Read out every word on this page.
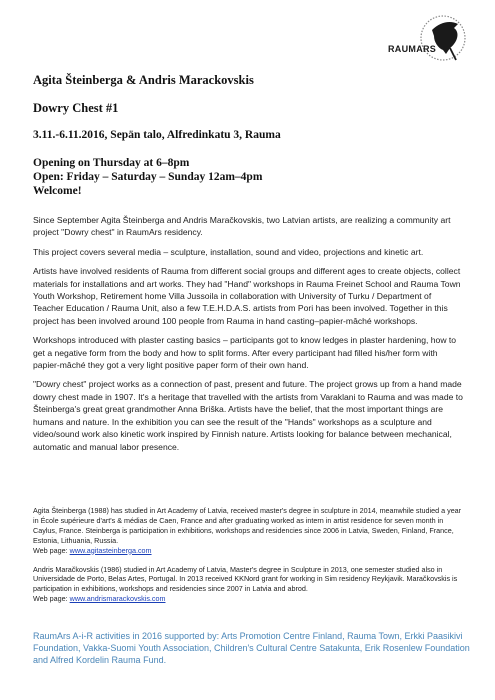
RAUMARS
Agita Šteinberga & Andris Marackovskis
Dowry Chest #1
3.11.-6.11.2016, Sepän talo, Alfredinkatu 3, Rauma
Opening on Thursday at 6–8pm
Open: Friday – Saturday – Sunday 12am–4pm
Welcome!

Since September Agita Šteinberga and Andris Maračkovskis, two Latvian artists, are realizing a community art project "Dowry chest" in RaumArs residency.

This project covers several media – sculpture, installation, sound and video, projections and kinetic art.

Artists have involved residents of Rauma from different social groups and different ages to create objects, collect materials for installations and art works. They had "Hand" workshops in Rauma Freinet School and Rauma Town Youth Workshop, Retirement home Villa Jussoila in collaboration with University of Turku / Department of Teacher Education / Rauma Unit, also a few T.E.H.D.A.S. artists from Pori has been involved. Together in this project has been involved around 100 people from Rauma in hand casting–papier-mâché workshops.

Workshops introduced with plaster casting basics – participants got to know ledges in plaster hardening, how to get a negative form from the body and how to split forms. After every participant had filled his/her form with papier-mâché they got a very light positive paper form of their own hand.

"Dowry chest" project works as a connection of past, present and future. The project grows up from a hand made dowry chest made in 1907. It's a heritage that travelled with the artists from Varaklani to Rauma and was made to Šteinberga's great great grandmother Anna Briška. Artists have the belief, that the most important things are humans and nature. In the exhibition you can see the result of the "Hands" workshops as a sculpture and video/sound work also kinetic work inspired by Finnish nature. Artists looking for balance between mechanical, automatic and manual labor presence.

Agita Šteinberga (1988) has studied in Art Academy of Latvia, received master's degree in sculpture in 2014, meanwhile studied a year in École supérieure d'art's & médias de Caen, France and after graduating worked as intern in artist residence for seven month in Caylus, France. Steinberga is participation in exhibitions, workshops and residencies since 2006 in Latvia, Sweden, Finland, France, Estonia, Lithuania, Russia.
Web page: www.agitasteinberga.com
Andris Maračkovskis (1986) studied in Art Academy of Latvia, Master's degree in Sculpture in 2013, one semester studied also in Universidade de Porto, Belas Artes, Portugal. In 2013 received KKNord grant for working in Sim residency Reykjavik. Maračkovskis is participation in exhibitions, workshops and residencies since 2007 in Latvia and abrod.
Web page: www.andrismarackovskis.com
RaumArs A-i-R activities in 2016 supported by: Arts Promotion Centre Finland, Rauma Town, Erkki Paasikivi Foundation, Vakka-Suomi Youth Association, Children's Cultural Centre Satakunta, Erik Rosenlew Foundation and Alfred Kordelin Rauma Fund.
